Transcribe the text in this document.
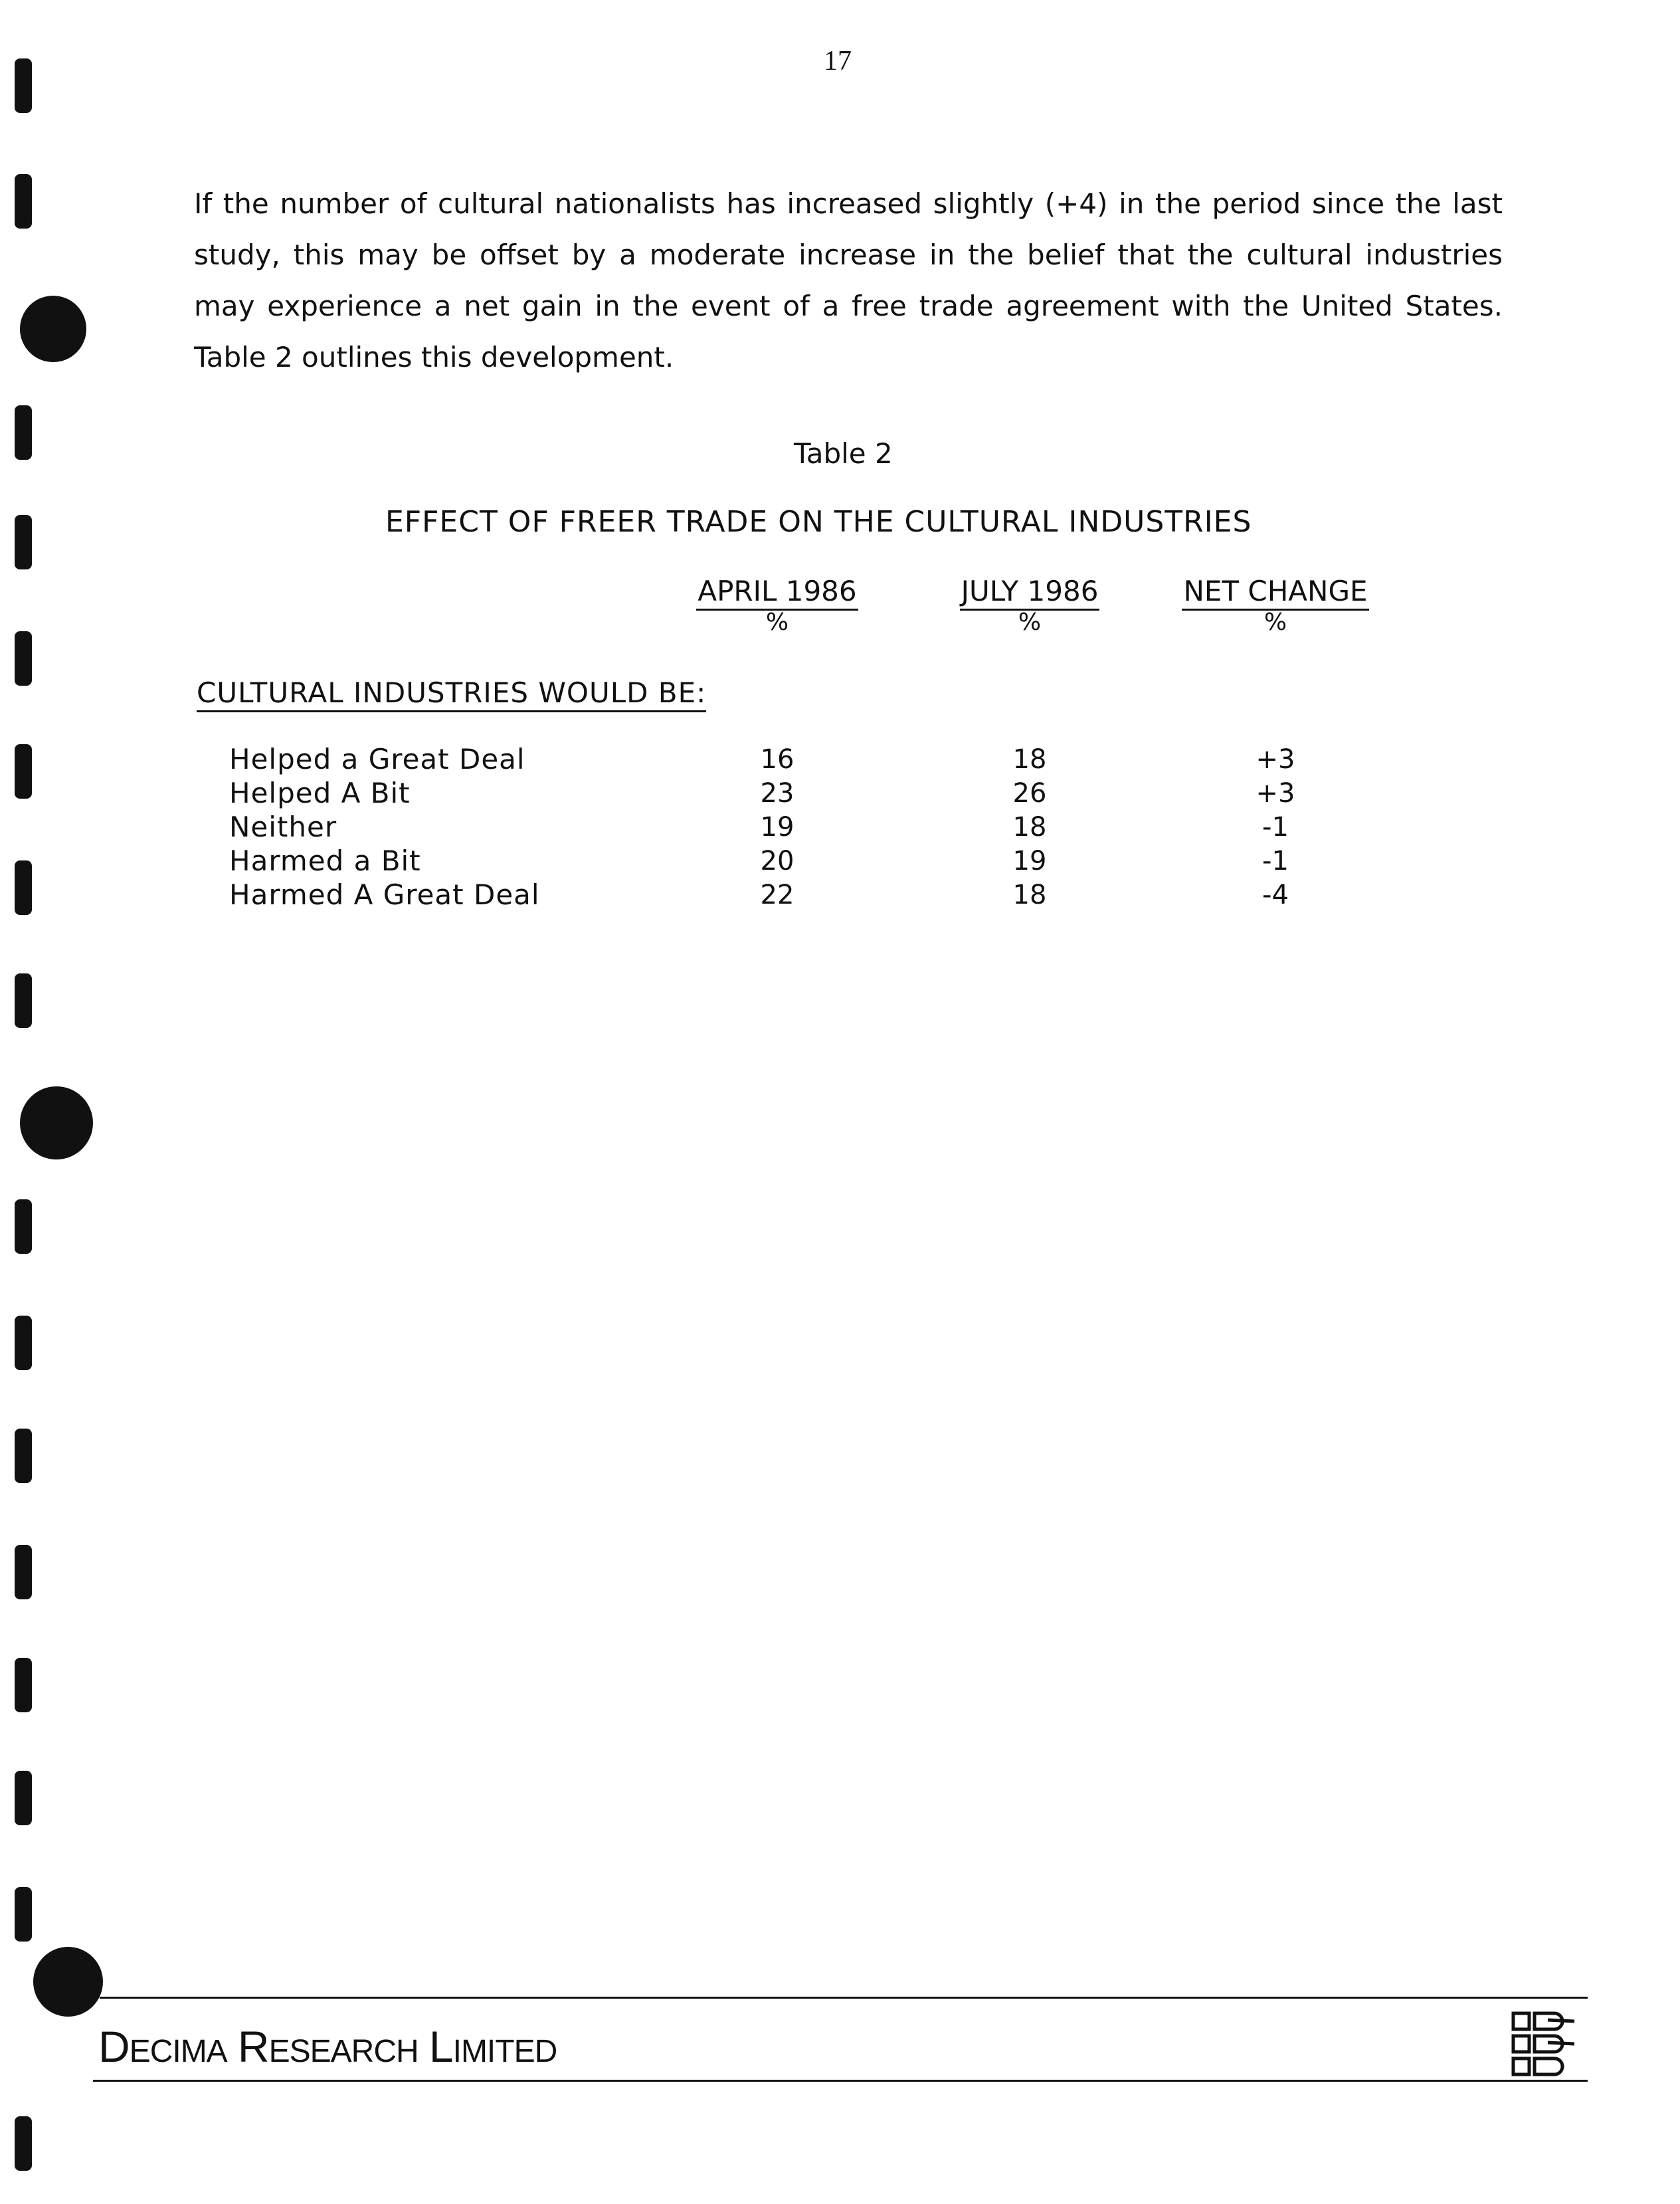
17
If the number of cultural nationalists has increased slightly (+4) in the period since the last study, this may be offset by a moderate increase in the belief that the cultural industries may experience a net gain in the event of a free trade agreement with the United States. Table 2 outlines this development.
Table 2
EFFECT OF FREER TRADE ON THE CULTURAL INDUSTRIES
APRIL 1986
%
JULY 1986
%
NET CHANGE
%
CULTURAL INDUSTRIES WOULD BE:
Helped a Great Deal	16	18	+3
Helped A Bit	23	26	+3
Neither	19	18	-1
Harmed a Bit	20	19	-1
Harmed A Great Deal	22	18	-4
DECIMA RESEARCH LIMITED
